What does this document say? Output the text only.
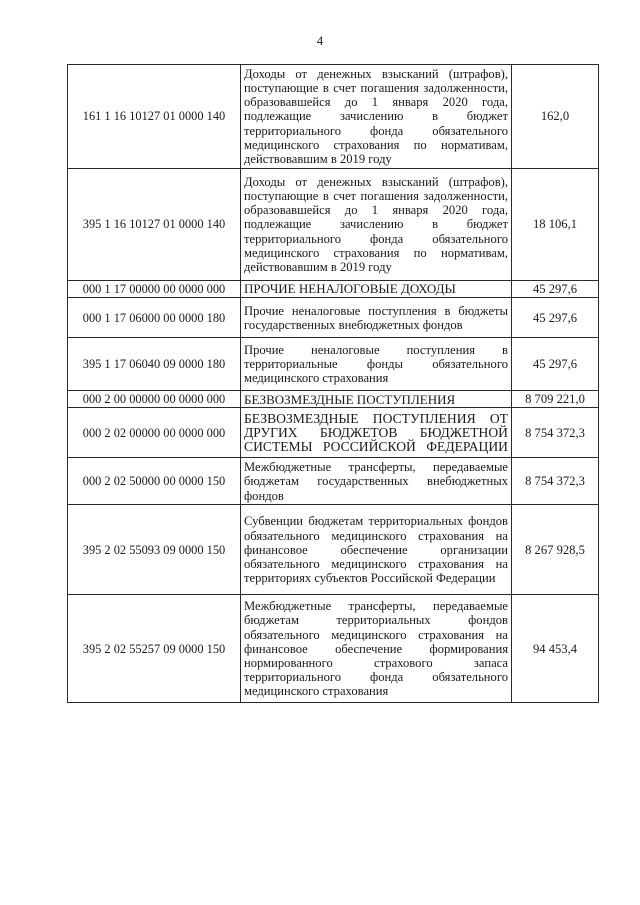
4
161 1 16 10127 01 0000 140	Доходы от денежных взысканий (штрафов), поступающие в счет погашения задолженности, образовавшейся до 1 января 2020 года, подлежащие зачислению в бюджет территориального фонда обязательного медицинского страхования по нормативам, действовавшим в 2019 году	162,0
395 1 16 10127 01 0000 140	Доходы от денежных взысканий (штрафов), поступающие в счет погашения задолженности, образовавшейся до 1 января 2020 года, подлежащие зачислению в бюджет территориального фонда обязательного медицинского страхования по нормативам, действовавшим в 2019 году	18 106,1
000 1 17 00000 00 0000 000	ПРОЧИЕ НЕНАЛОГОВЫЕ ДОХОДЫ	45 297,6
000 1 17 06000 00 0000 180	Прочие неналоговые поступления в бюджеты государственных внебюджетных фондов	45 297,6
395 1 17 06040 09 0000 180	Прочие неналоговые поступления в территориальные фонды обязательного медицинского страхования	45 297,6
000 2 00 00000 00 0000 000	БЕЗВОЗМЕЗДНЫЕ ПОСТУПЛЕНИЯ	8 709 221,0
000 2 02 00000 00 0000 000	БЕЗВОЗМЕЗДНЫЕ ПОСТУПЛЕНИЯ ОТ ДРУГИХ БЮДЖЕТОВ БЮДЖЕТНОЙ СИСТЕМЫ РОССИЙСКОЙ ФЕДЕРАЦИИ	8 754 372,3
000 2 02 50000 00 0000 150	Межбюджетные трансферты, передаваемые бюджетам государственных внебюджетных фондов	8 754 372,3
395 2 02 55093 09 0000 150	Субвенции бюджетам территориальных фондов обязательного медицинского страхования на финансовое обеспечение организации обязательного медицинского страхования на территориях субъектов Российской Федерации	8 267 928,5
395 2 02 55257 09 0000 150	Межбюджетные трансферты, передаваемые бюджетам территориальных фондов обязательного медицинского страхования на финансовое обеспечение формирования нормированного страхового запаса территориального фонда обязательного медицинского страхования	94 453,4
